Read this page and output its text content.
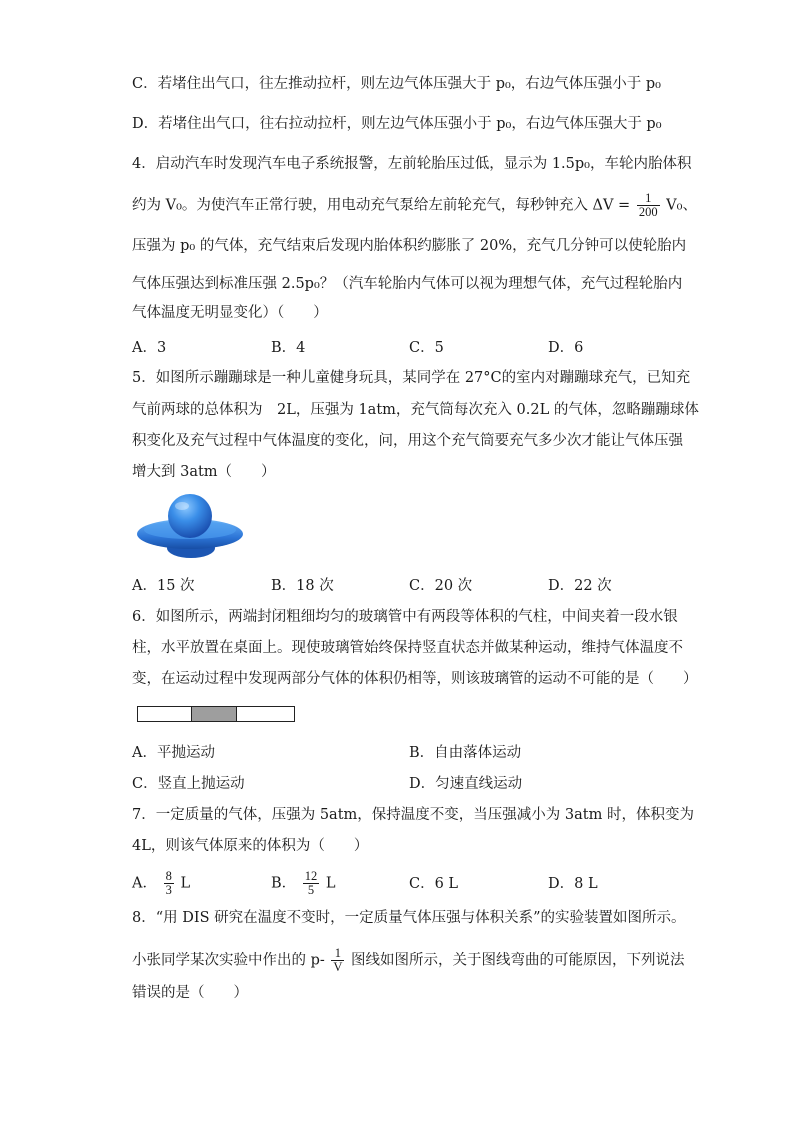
C．若堵住出气口，往左推动拉杆，则左边气体压强大于 p₀，右边气体压强小于 p₀
D．若堵住出气口，往右拉动拉杆，则左边气体压强小于 p₀，右边气体压强大于 p₀
4．启动汽车时发现汽车电子系统报警，左前轮胎压过低，显示为 1.5p₀，车轮内胎体积
约为 V₀。为使汽车正常行驶，用电动充气泵给左前轮充气，每秒钟充入 $\Delta V = \frac{1}{200} V_0$、
压强为 p₀ 的气体，充气结束后发现内胎体积约膨胀了 20%，充气几分钟可以使轮胎内
气体压强达到标准压强 2.5p₀？（汽车轮胎内气体可以视为理想气体，充气过程轮胎内
气体温度无明显变化）（　　）
A．3	B．4	C．5	D．6
5．如图所示蹦蹦球是一种儿童健身玩具，某同学在 27°C的室内对蹦蹦球充气，已知充
气前两球的总体积为　2L，压强为 1atm，充气筒每次充入 0.2L 的气体，忽略蹦蹦球体
积变化及充气过程中气体温度的变化，问，用这个充气筒要充气多少次才能让气体压强
增大到 3atm（　　）
A．15 次	B．18 次	C．20 次	D．22 次
6．如图所示，两端封闭粗细均匀的玻璃管中有两段等体积的气柱，中间夹着一段水银
柱，水平放置在桌面上。现使玻璃管始终保持竖直状态并做某种运动，维持气体温度不
变，在运动过程中发现两部分气体的体积仍相等，则该玻璃管的运动不可能的是（　　）
A．平抛运动	B．自由落体运动
C．竖直上抛运动	D．匀速直线运动
7．一定质量的气体，压强为 5atm，保持温度不变，当压强减小为 3atm 时，体积变为
4L，则该气体原来的体积为（　　）
A． $\frac{8}{3}$ L	B． $\frac{12}{5}$ L	C．6 L	D．8 L
8．“用 DIS 研究在温度不变时，一定质量气体压强与体积关系”的实验装置如图所示。
小张同学某次实验中作出的 $p- \frac{1}{V}$ 图线如图所示，关于图线弯曲的可能原因，下列说法
错误的是（　　）
